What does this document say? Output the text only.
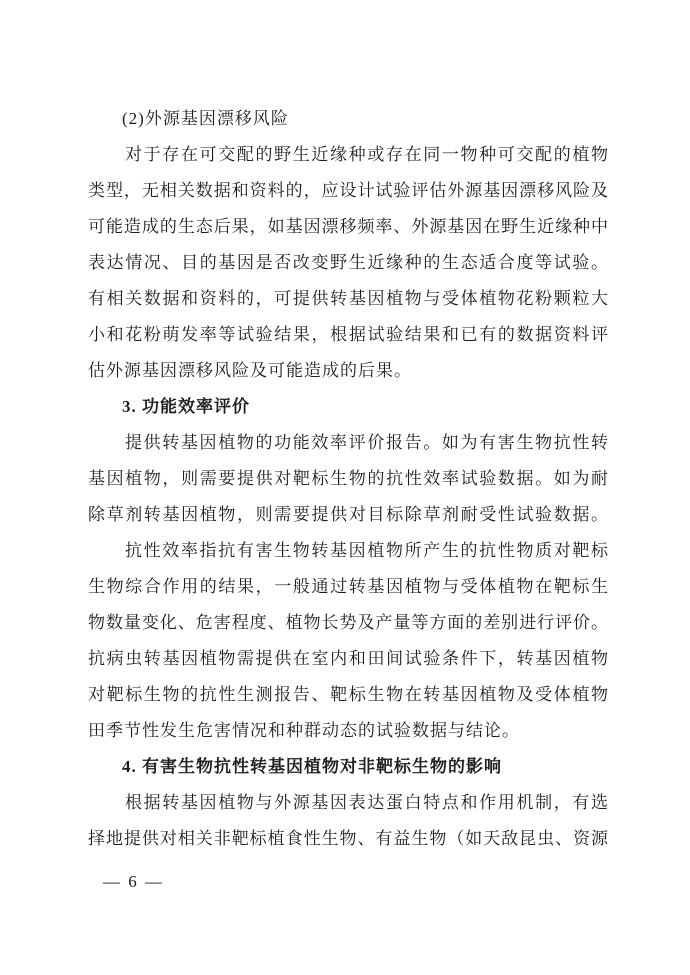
(2)外源基因漂移风险
对于存在可交配的野生近缘种或存在同一物种可交配的植物
类型，无相关数据和资料的，应设计试验评估外源基因漂移风险及
可能造成的生态后果，如基因漂移频率、外源基因在野生近缘种中
表达情况、目的基因是否改变野生近缘种的生态适合度等试验。
有相关数据和资料的，可提供转基因植物与受体植物花粉颗粒大
小和花粉萌发率等试验结果，根据试验结果和已有的数据资料评
估外源基因漂移风险及可能造成的后果。
3. 功能效率评价
提供转基因植物的功能效率评价报告。如为有害生物抗性转
基因植物，则需要提供对靶标生物的抗性效率试验数据。如为耐
除草剂转基因植物，则需要提供对目标除草剂耐受性试验数据。
抗性效率指抗有害生物转基因植物所产生的抗性物质对靶标
生物综合作用的结果，一般通过转基因植物与受体植物在靶标生
物数量变化、危害程度、植物长势及产量等方面的差别进行评价。
抗病虫转基因植物需提供在室内和田间试验条件下，转基因植物
对靶标生物的抗性生测报告、靶标生物在转基因植物及受体植物
田季节性发生危害情况和种群动态的试验数据与结论。
4. 有害生物抗性转基因植物对非靶标生物的影响
根据转基因植物与外源基因表达蛋白特点和作用机制，有选
择地提供对相关非靶标植食性生物、有益生物（如天敌昆虫、资源
— 6 —
